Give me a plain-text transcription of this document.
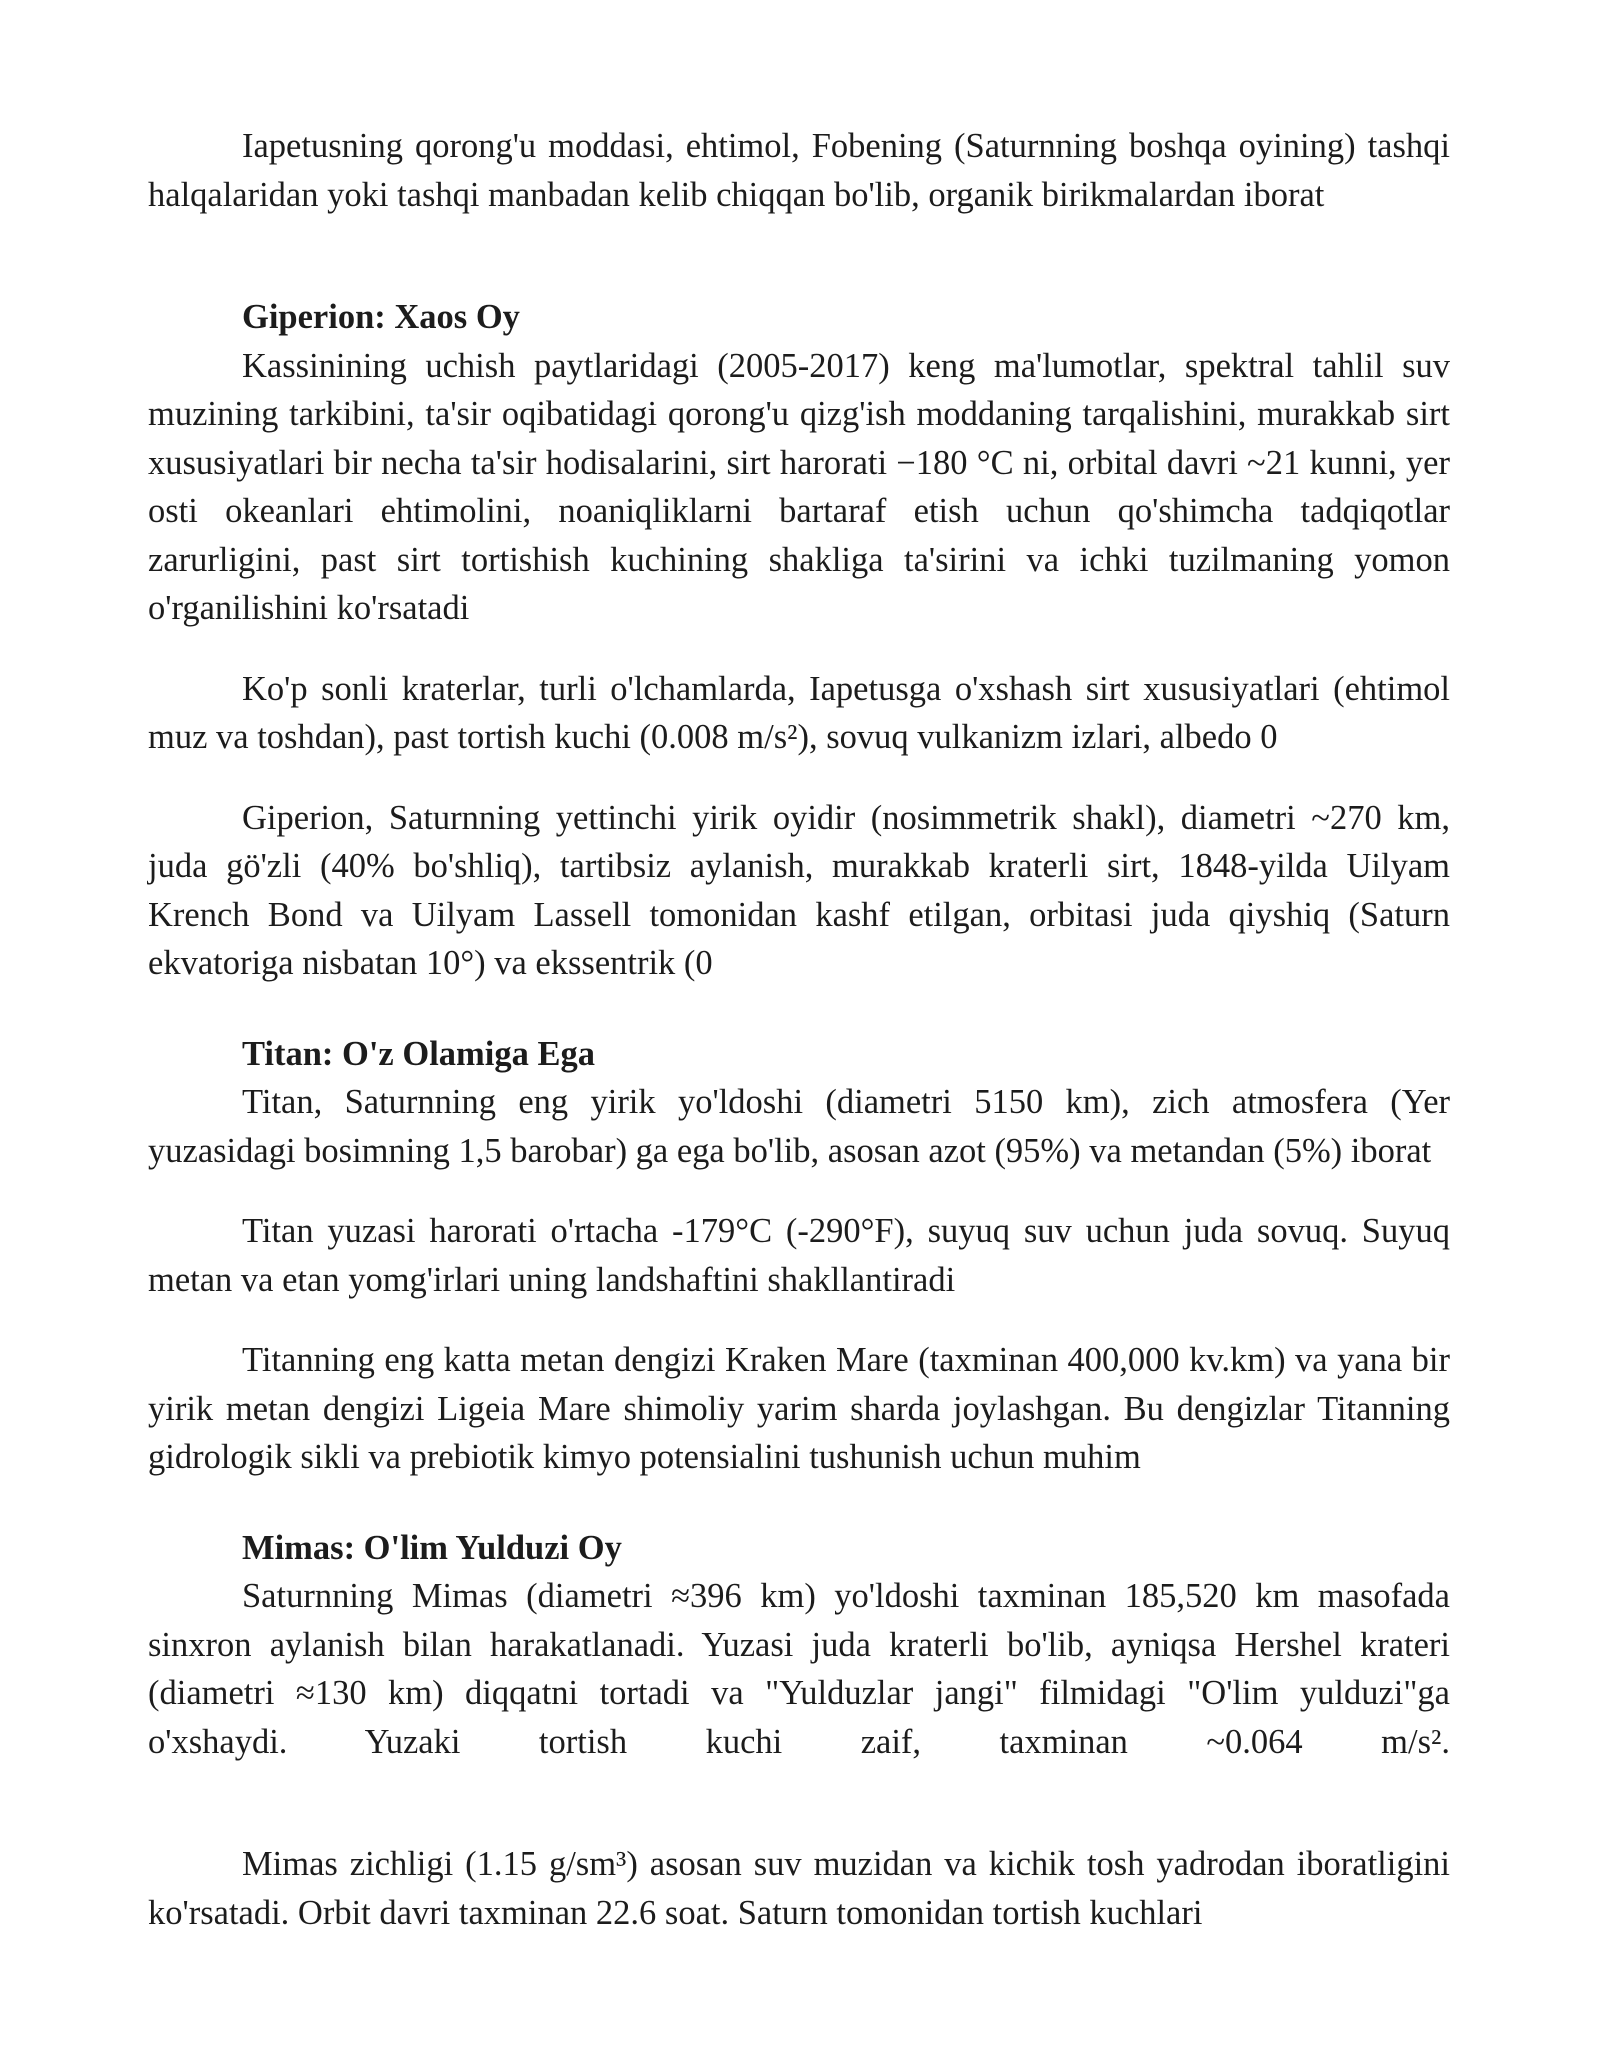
Iapetusning qorong'u moddasi, ehtimol, Fobening (Saturnning boshqa oyining) tashqi halqalaridan yoki tashqi manbadan kelib chiqqan bo'lib, organik birikmalardan iborat

Giperion: Xaos Oy

Kassinining uchish paytlaridagi (2005-2017) keng ma'lumotlar, spektral tahlil suv muzining tarkibini, ta'sir oqibatidagi qorong'u qizg'ish moddaning tarqalishini, murakkab sirt xususiyatlari bir necha ta'sir hodisalarini, sirt harorati −180 °C ni, orbital davri ~21 kunni, yer osti okeanlari ehtimolini, noaniqliklarni bartaraf etish uchun qo'shimcha tadqiqotlar zarurligini, past sirt tortishish kuchining shakliga ta'sirini va ichki tuzilmaning yomon o'rganilishini ko'rsatadi

Ko'p sonli kraterlar, turli o'lchamlarda, Iapetusga o'xshash sirt xususiyatlari (ehtimol muz va toshdan), past tortish kuchi (0.008 m/s²), sovuq vulkanizm izlari, albedo 0

Giperion, Saturnning yettinchi yirik oyidir (nosimmetrik shakl), diametri ~270 km, juda gö'zli (40% bo'shliq), tartibsiz aylanish, murakkab kraterli sirt, 1848-yilda Uilyam Krench Bond va Uilyam Lassell tomonidan kashf etilgan, orbitasi juda qiyshiq (Saturn ekvatoriga nisbatan 10°) va ekssentrik (0

Titan: O'z Olamiga Ega

Titan, Saturnning eng yirik yo'ldoshi (diametri 5150 km), zich atmosfera (Yer yuzasidagi bosimning 1,5 barobar) ga ega bo'lib, asosan azot (95%) va metandan (5%) iborat

Titan yuzasi harorati o'rtacha -179°C (-290°F), suyuq suv uchun juda sovuq. Suyuq metan va etan yomg'irlari uning landshaftini shakllantiradi

Titanning eng katta metan dengizi Kraken Mare (taxminan 400,000 kv.km) va yana bir yirik metan dengizi Ligeia Mare shimoliy yarim sharda joylashgan. Bu dengizlar Titanning gidrologik sikli va prebiotik kimyo potensialini tushunish uchun muhim

Mimas: O'lim Yulduzi Oy

Saturnning Mimas (diametri ≈396 km) yo'ldoshi taxminan 185,520 km masofada sinxron aylanish bilan harakatlanadi. Yuzasi juda kraterli bo'lib, ayniqsa Hershel krateri (diametri ≈130 km) diqqatni tortadi va "Yulduzlar jangi" filmidagi "O'lim yulduzi"ga o'xshaydi. Yuzaki tortish kuchi zaif, taxminan ~0.064 m/s².

Mimas zichligi (1.15 g/sm³) asosan suv muzidan va kichik tosh yadrodan iboratligini ko'rsatadi. Orbit davri taxminan 22.6 soat. Saturn tomonidan tortish kuchlari
